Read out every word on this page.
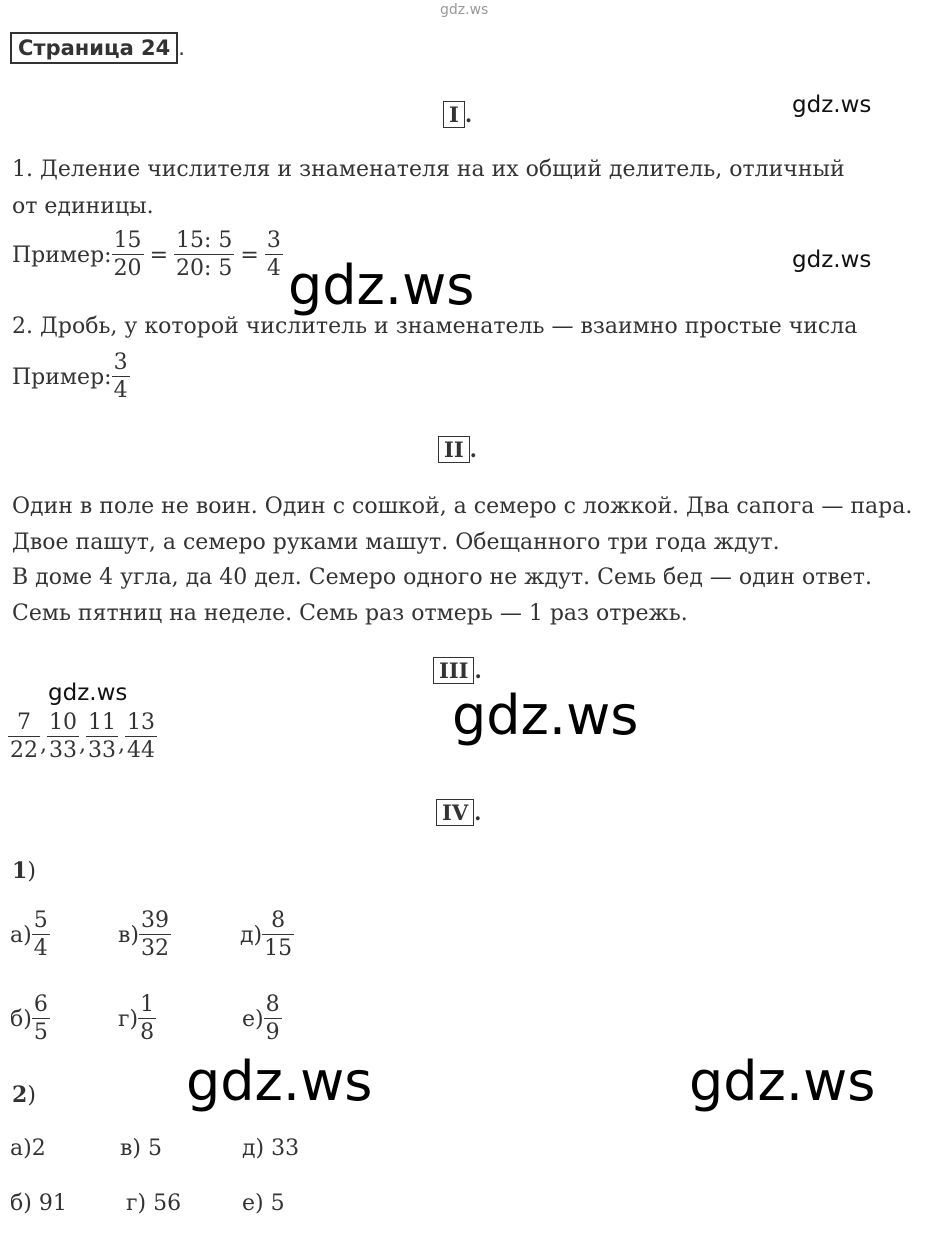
gdz.ws
Страница 24 .
I .	gdz.ws
1. Деление числителя и знаменателя на их общий делитель, отличный
от единицы.
Пример: $\frac{15}{20} = \frac{15: 5}{20: 5} = \frac{3}{4}$	gdz.ws
gdz.ws
2. Дробь, у которой числитель и знаменатель — взаимно простые числа
Пример: $\frac{3}{4}$
II .
Один в поле не воин. Один с сошкой, а семеро с ложкой. Два сапога — пара.
Двое пашут, а семеро руками машут. Обещанного три года ждут.
В доме 4 угла, да 40 дел. Семеро одного не ждут. Семь бед — один ответ.
Семь пятниц на неделе. Семь раз отмерь — 1 раз отрежь.
III .
gdz.ws	gdz.ws
$\frac{7}{22}$ , $\frac{10}{33}$ , $\frac{11}{33}$ , $\frac{13}{44}$
IV .
1)
$а) \frac{5}{4}$	$в) \frac{39}{32}$	$д) \frac{8}{15}$
$б) \frac{6}{5}$	$г) \frac{1}{8}$	$е) \frac{8}{9}$
gdz.ws	gdz.ws
2)
а)2	в) 5	д) 33
б) 91	г) 56	е) 5
